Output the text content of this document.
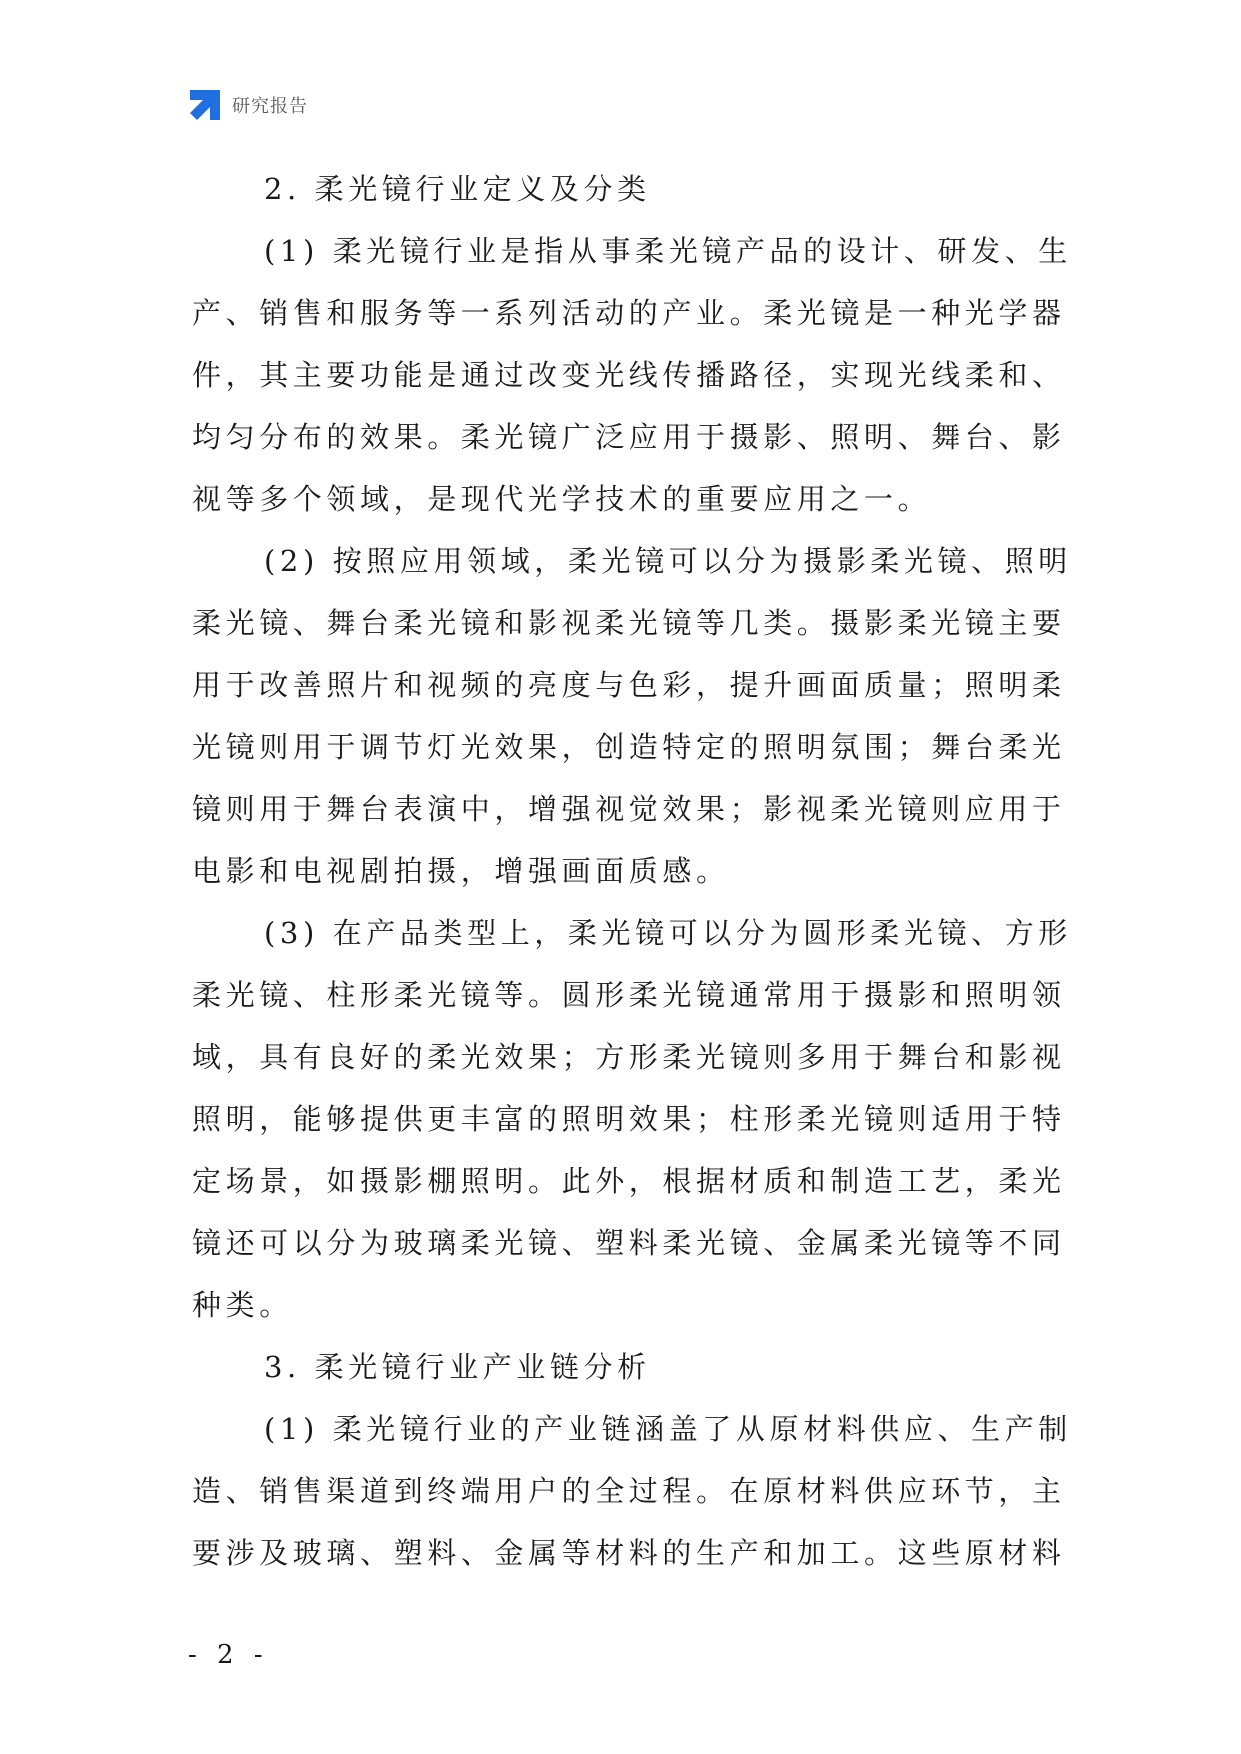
研究报告
2. 柔光镜行业定义及分类
(1) 柔光镜行业是指从事柔光镜产品的设计、研发、生
产、销售和服务等一系列活动的产业。柔光镜是一种光学器
件，其主要功能是通过改变光线传播路径，实现光线柔和、
均匀分布的效果。柔光镜广泛应用于摄影、照明、舞台、影
视等多个领域，是现代光学技术的重要应用之一。
(2) 按照应用领域，柔光镜可以分为摄影柔光镜、照明
柔光镜、舞台柔光镜和影视柔光镜等几类。摄影柔光镜主要
用于改善照片和视频的亮度与色彩，提升画面质量；照明柔
光镜则用于调节灯光效果，创造特定的照明氛围；舞台柔光
镜则用于舞台表演中，增强视觉效果；影视柔光镜则应用于
电影和电视剧拍摄，增强画面质感。
(3) 在产品类型上，柔光镜可以分为圆形柔光镜、方形
柔光镜、柱形柔光镜等。圆形柔光镜通常用于摄影和照明领
域，具有良好的柔光效果；方形柔光镜则多用于舞台和影视
照明，能够提供更丰富的照明效果；柱形柔光镜则适用于特
定场景，如摄影棚照明。此外，根据材质和制造工艺，柔光
镜还可以分为玻璃柔光镜、塑料柔光镜、金属柔光镜等不同
种类。
3. 柔光镜行业产业链分析
(1) 柔光镜行业的产业链涵盖了从原材料供应、生产制
造、销售渠道到终端用户的全过程。在原材料供应环节，主
要涉及玻璃、塑料、金属等材料的生产和加工。这些原材料
- 2 -
